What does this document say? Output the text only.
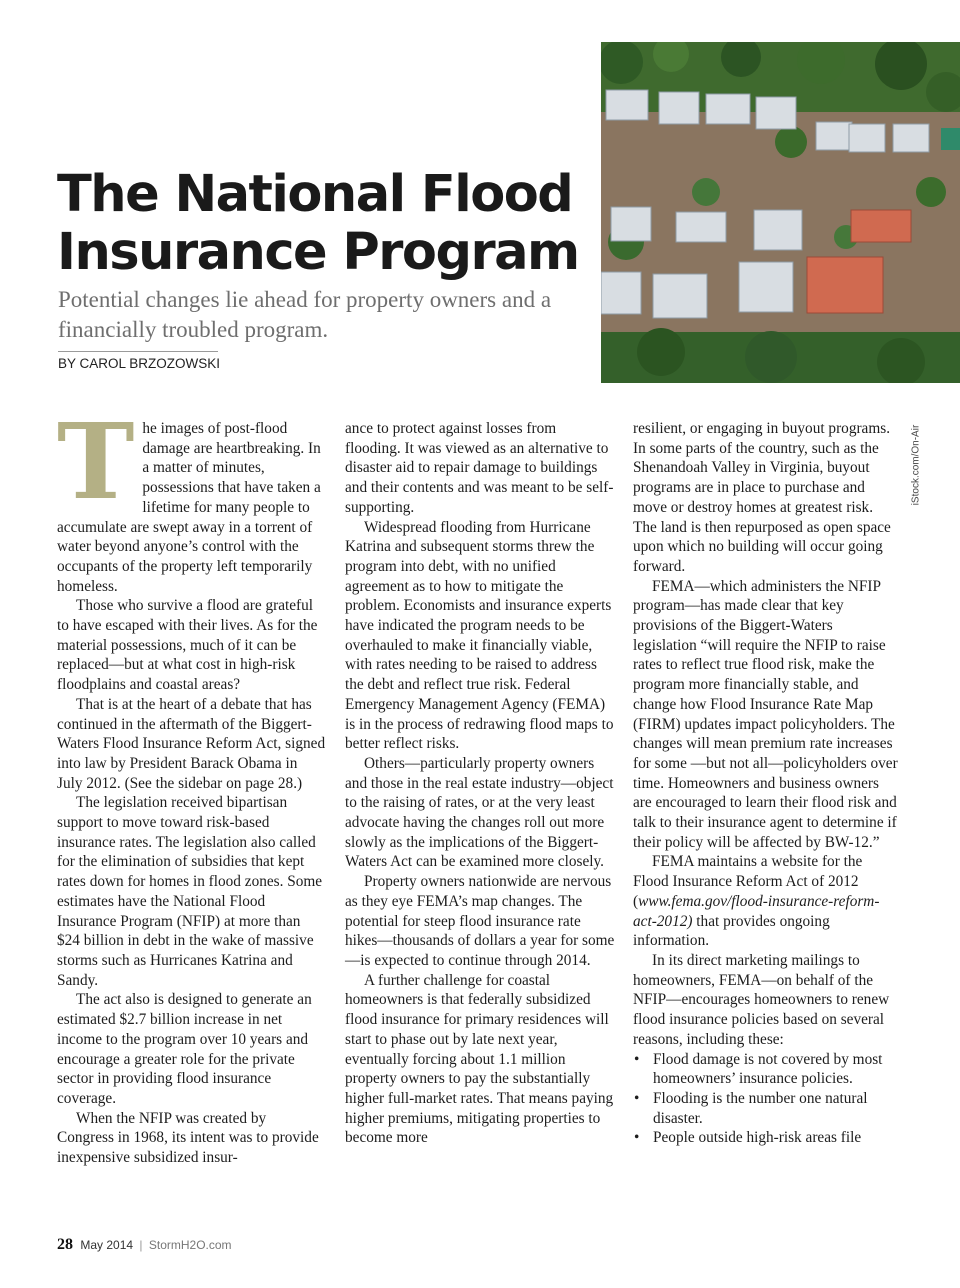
iStock.com/On-Air
The National Flood
Insurance Program
Potential changes lie ahead for property owners and a financially troubled program.
BY CAROL BRZOZOWSKI

The images of post-flood damage are heartbreaking. In a matter of minutes, possessions that have taken a lifetime for many people to accumulate are swept away in a torrent of water beyond anyone’s control with the occupants of the property left temporarily homeless.

Those who survive a flood are grateful to have escaped with their lives. As for the material possessions, much of it can be replaced—but at what cost in high-risk floodplains and coastal areas?

That is at the heart of a debate that has continued in the aftermath of the Biggert-Waters Flood Insurance Reform Act, signed into law by President Barack Obama in July 2012. (See the sidebar on page 28.)

The legislation received bipartisan support to move toward risk-based insurance rates. The legislation also called for the elimination of subsidies that kept rates down for homes in flood zones. Some estimates have the National Flood Insurance Program (NFIP) at more than $24 billion in debt in the wake of massive storms such as Hurricanes Katrina and Sandy.

The act also is designed to generate an estimated $2.7 billion increase in net income to the program over 10 years and encourage a greater role for the private sector in providing flood insurance coverage.

When the NFIP was created by Congress in 1968, its intent was to provide inexpensive subsidized insur-

ance to protect against losses from flooding. It was viewed as an alternative to disaster aid to repair damage to buildings and their contents and was meant to be self-supporting.

Widespread flooding from Hurricane Katrina and subsequent storms threw the program into debt, with no unified agreement as to how to mitigate the problem. Economists and insurance experts have indicated the program needs to be overhauled to make it financially viable, with rates needing to be raised to address the debt and reflect true risk. Federal Emergency Management Agency (FEMA) is in the process of redrawing flood maps to better reflect risks.

Others—particularly property owners and those in the real estate industry—object to the raising of rates, or at the very least advocate having the changes roll out more slowly as the implications of the Biggert-Waters Act can be examined more closely.

Property owners nationwide are nervous as they eye FEMA’s map changes. The potential for steep flood insurance rate hikes—thousands of dollars a year for some—is expected to continue through 2014.

A further challenge for coastal homeowners is that federally subsidized flood insurance for primary residences will start to phase out by late next year, eventually forcing about 1.1 million property owners to pay the substantially higher full-market rates. That means paying higher premiums, mitigating properties to become more

resilient, or engaging in buyout programs. In some parts of the country, such as the Shenandoah Valley in Virginia, buyout programs are in place to purchase and move or destroy homes at greatest risk. The land is then repurposed as open space upon which no building will occur going forward.

FEMA—which administers the NFIP program—has made clear that key provisions of the Biggert-Waters legislation “will require the NFIP to raise rates to reflect true flood risk, make the program more financially stable, and change how Flood Insurance Rate Map (FIRM) updates impact policyholders. The changes will mean premium rate increases for some —but not all—policyholders over time. Homeowners and business owners are encouraged to learn their flood risk and talk to their insurance agent to determine if their policy will be affected by BW-12.”

FEMA maintains a website for the Flood Insurance Reform Act of 2012 (www.fema.gov/flood-insurance-reform-act-2012) that provides ongoing information.

In its direct marketing mailings to homeowners, FEMA—on behalf of the NFIP—encourages homeowners to renew flood insurance policies based on several reasons, including these:

• Flood damage is not covered by most homeowners’ insurance policies.
• Flooding is the number one natural disaster.
• People outside high-risk areas file
28 May 2014 | StormH2O.com
